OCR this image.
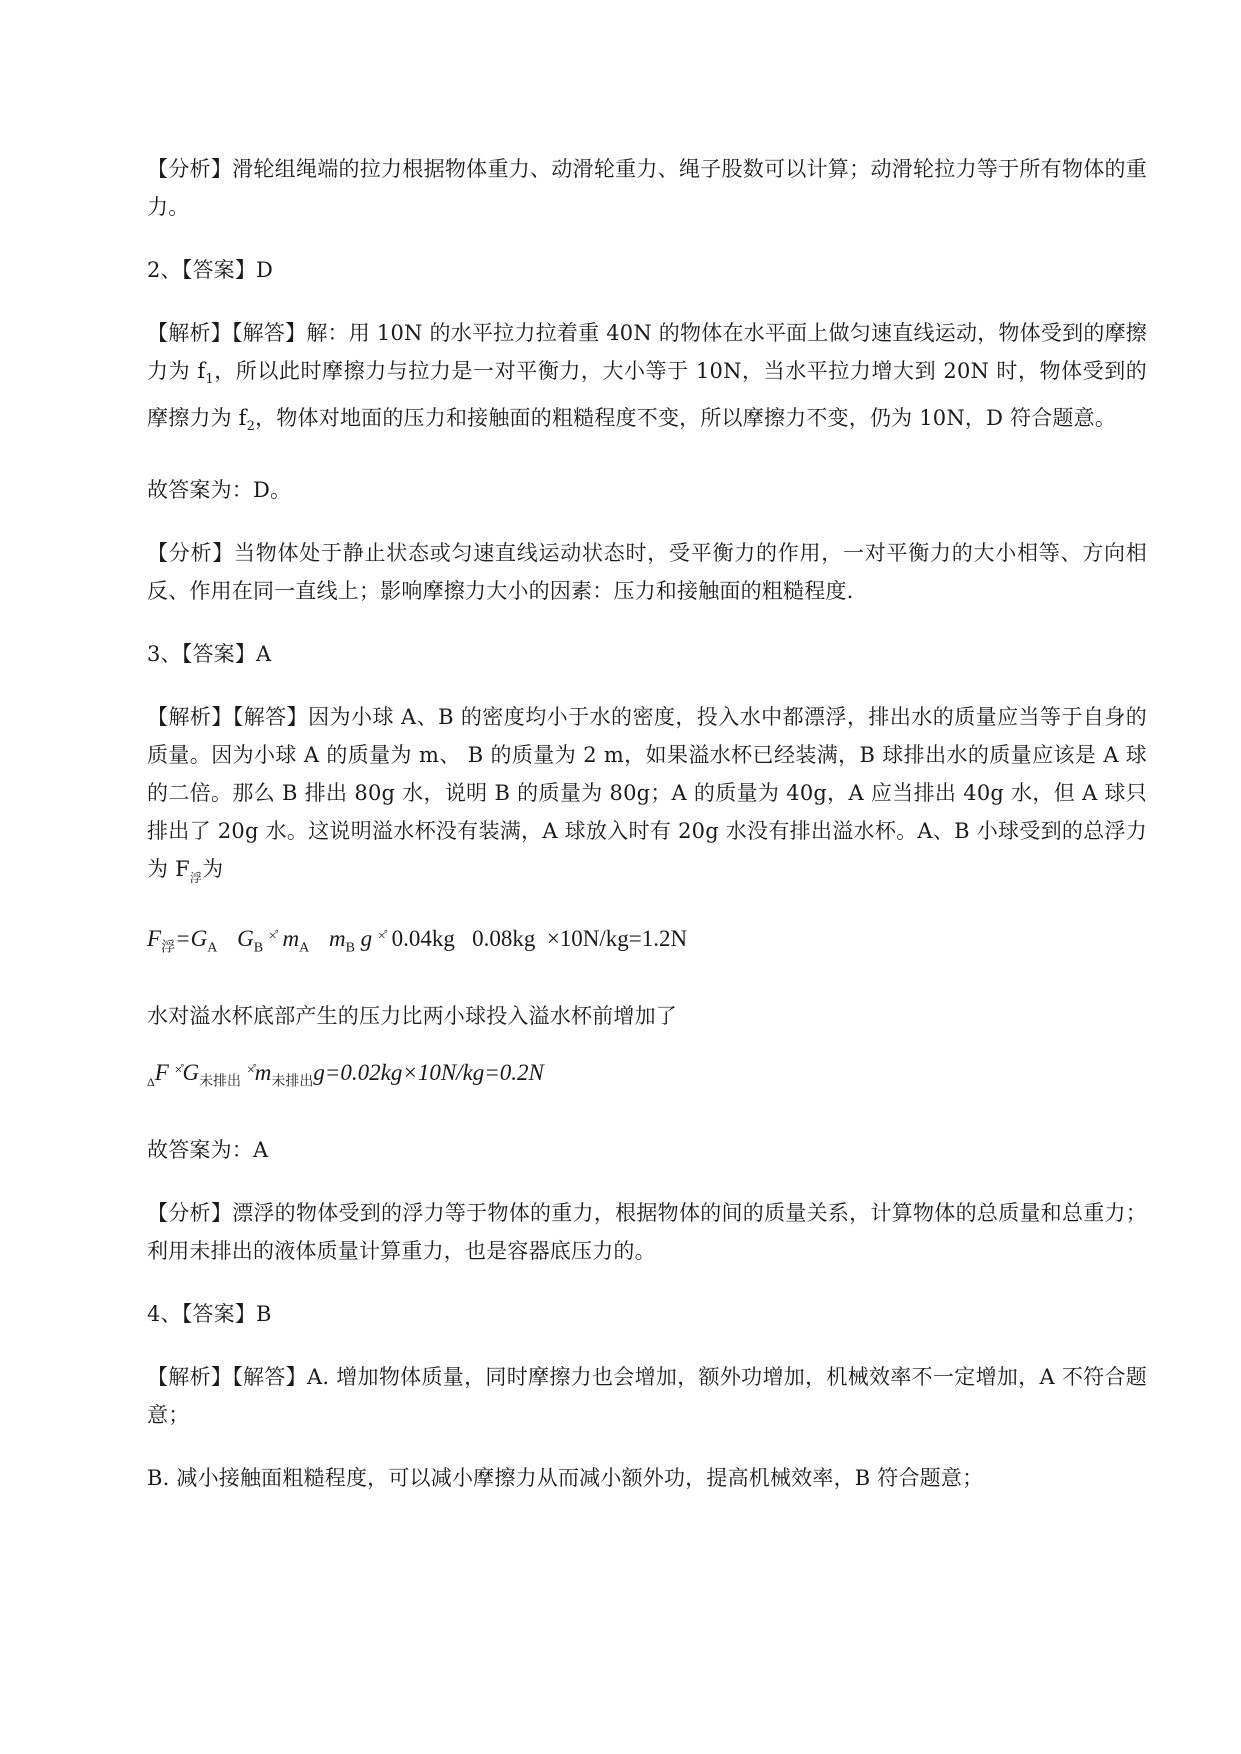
【分析】滑轮组绳端的拉力根据物体重力、动滑轮重力、绳子股数可以计算；动滑轮拉力等于所有物体的重力。

2、【答案】D

【解析】【解答】解：用 10N 的水平拉力拉着重 40N 的物体在水平面上做匀速直线运动，物体受到的摩擦力为 $f_1$，所以此时摩擦力与拉力是一对平衡力，大小等于 10N，当水平拉力增大到 20N 时，物体受到的摩擦力为 $f_2$，物体对地面的压力和接触面的粗糙程度不变，所以摩擦力不变，仍为 10N，D 符合题意。

故答案为：D。

【分析】当物体处于静止状态或匀速直线运动状态时，受平衡力的作用，一对平衡力的大小相等、方向相反、作用在同一直线上；影响摩擦力大小的因素：压力和接触面的粗糙程度.

3、【答案】A

【解析】【解答】因为小球 A、B 的密度均小于水的密度，投入水中都漂浮，排出水的质量应当等于自身的质量。因为小球 A 的质量为 m、 B 的质量为 2 m，如果溢水杯已经装满，B 球排出水的质量应该是 A 球的二倍。那么 B 排出 80g 水，说明 B 的质量为 80g；A 的质量为 40g，A 应当排出 40g 水，但 A 球只排出了 20g 水。这说明溢水杯没有装满，A 球放入时有 20g 水没有排出溢水杯。A、B 小球受到的总浮力为 $F_浮$为

$F_浮=G_A$ $G_B$ ×̊ $m_A$ $m_B$ g ×̊ 0.04kg   0.08kg  ×10N/kg=1.2N

水对溢水杯底部产生的压力比两小球投入溢水杯前增加了

$_\Delta$F $^{\times̊}G_{未排出}$ $^{\times̊}m_{未排出}g=0.02kg\times 10N/kg=0.2N$

故答案为：A

【分析】漂浮的物体受到的浮力等于物体的重力，根据物体的间的质量关系，计算物体的总质量和总重力；利用未排出的液体质量计算重力，也是容器底压力的。

4、【答案】B

【解析】【解答】A. 增加物体质量，同时摩擦力也会增加，额外功增加，机械效率不一定增加，A 不符合题意；

B. 减小接触面粗糙程度，可以减小摩擦力从而减小额外功，提高机械效率，B 符合题意；
